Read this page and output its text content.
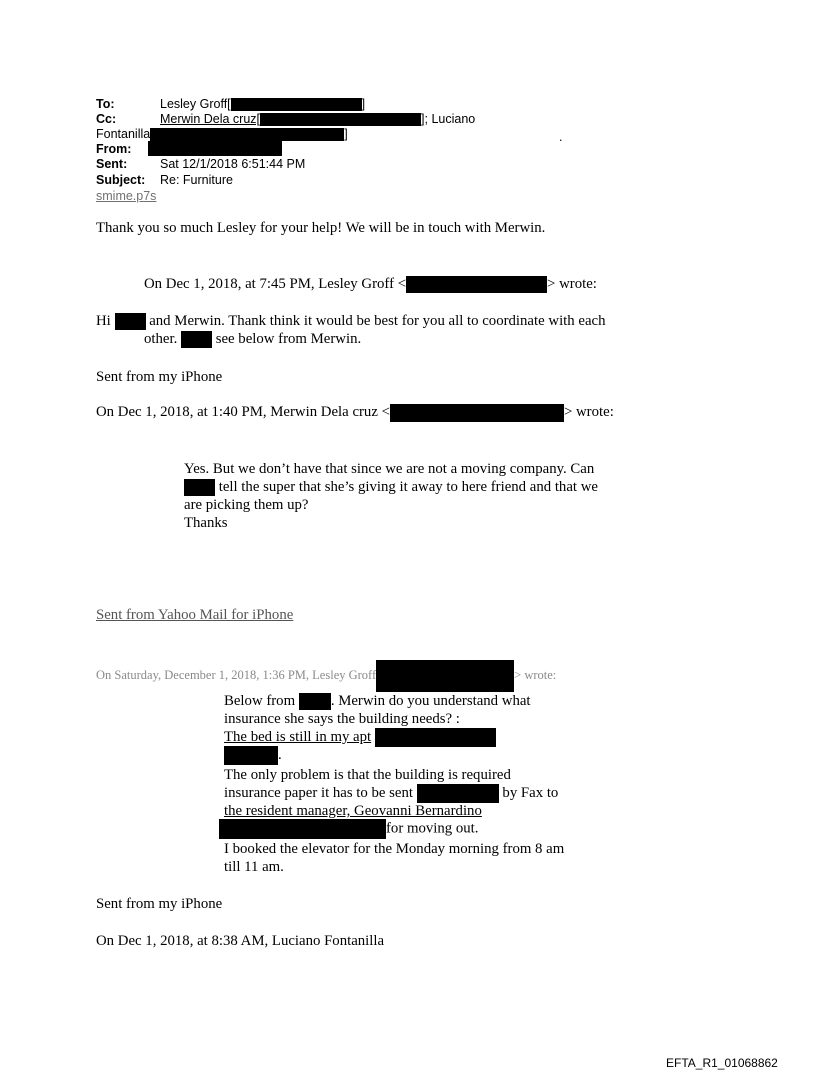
To:	Lesley Groff[	]
Cc:	Merwin Dela cruz[	]; Luciano
Fontanilla	]	.
From:
Sent:	Sat 12/1/2018 6:51:44 PM
Subject: Re: Furniture
smime.p7s
Thank you so much Lesley for your help! We will be in touch with Merwin.
On Dec 1, 2018, at 7:45 PM, Lesley Groff <	> wrote:
Hi	and Merwin. Thank think it would be best for you all to coordinate with each
other.	see below from Merwin.
Sent from my iPhone
On Dec 1, 2018, at 1:40 PM, Merwin Dela cruz <	> wrote:
Yes. But we don’t have that since we are not a moving company. Can
tell the super that she’s giving it away to here friend and that we
are picking them up?
Thanks
Sent from Yahoo Mail for iPhone
On Saturday, December 1, 2018, 1:36 PM, Lesley Groff	> wrote:
Below from . Merwin do you understand what
insurance she says the building needs? :
The bed is still in my apt
.
The only problem is that the building is required
insurance paper it has to be sent	by Fax to
the resident manager, Geovanni Bernardino
for moving out.
I booked the elevator for the Monday morning from 8 am
till 11 am.
Sent from my iPhone
On Dec 1, 2018, at 8:38 AM, Luciano Fontanilla
EFTA_R1_01068862
